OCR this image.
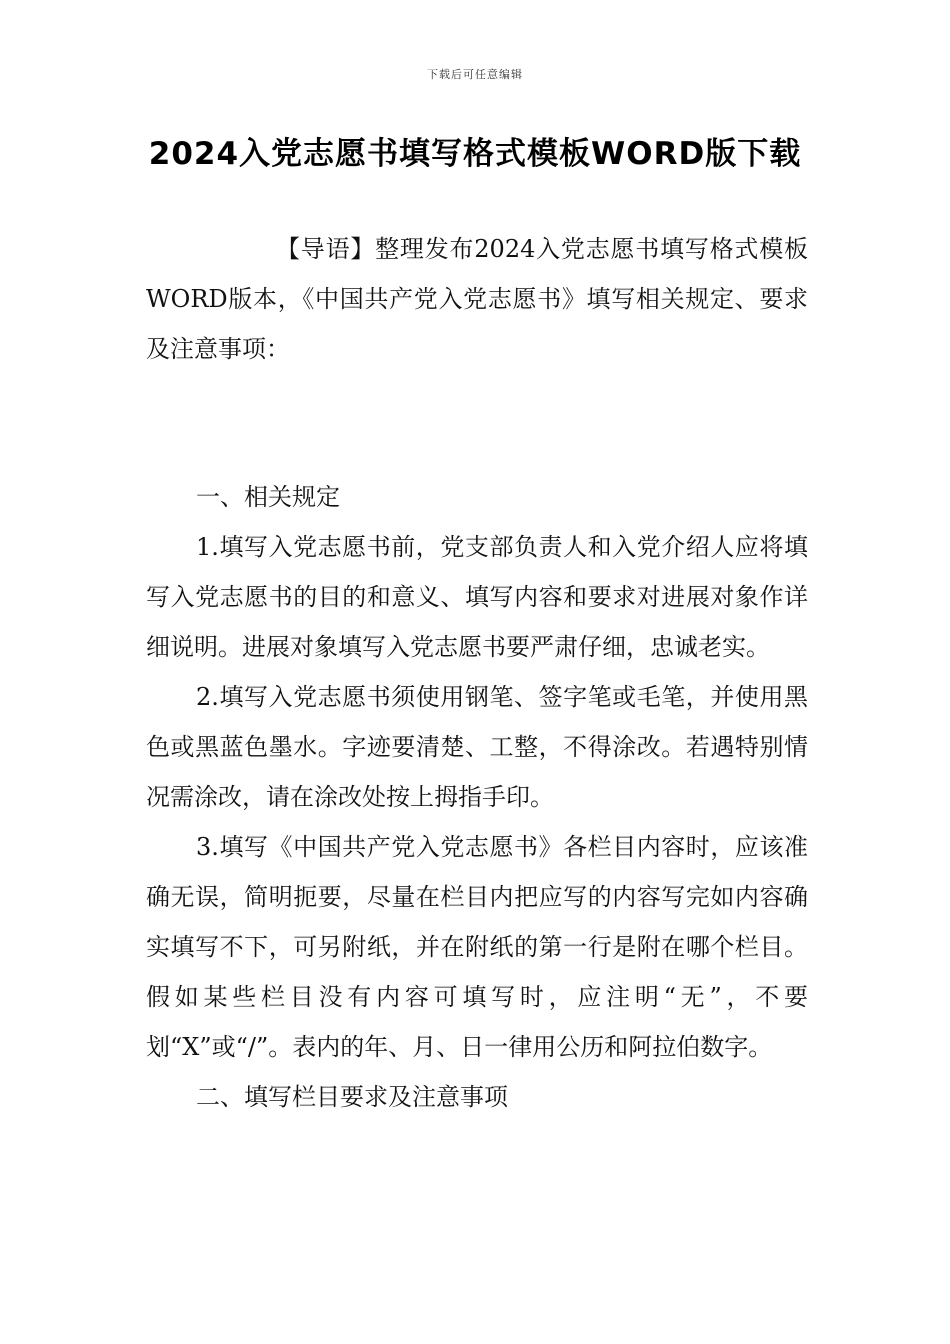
下载后可任意编辑
2024入党志愿书填写格式模板WORD版下载

【导语】整理发布2024入党志愿书填写格式模板WORD版本，《中国共产党入党志愿书》填写相关规定、要求及注意事项：

一、相关规定

1.填写入党志愿书前，党支部负责人和入党介绍人应将填写入党志愿书的目的和意义、填写内容和要求对进展对象作详细说明。进展对象填写入党志愿书要严肃仔细，忠诚老实。

2.填写入党志愿书须使用钢笔、签字笔或毛笔，并使用黑色或黑蓝色墨水。字迹要清楚、工整，不得涂改。若遇特别情况需涂改，请在涂改处按上拇指手印。

3.填写《中国共产党入党志愿书》各栏目内容时，应该准确无误，简明扼要，尽量在栏目内把应写的内容写完如内容确实填写不下，可另附纸，并在附纸的第一行是附在哪个栏目。假如某些栏目没有内容可填写时，应注明“无”，不要划“X”或“/”。表内的年、月、日一律用公历和阿拉伯数字。

二、填写栏目要求及注意事项
